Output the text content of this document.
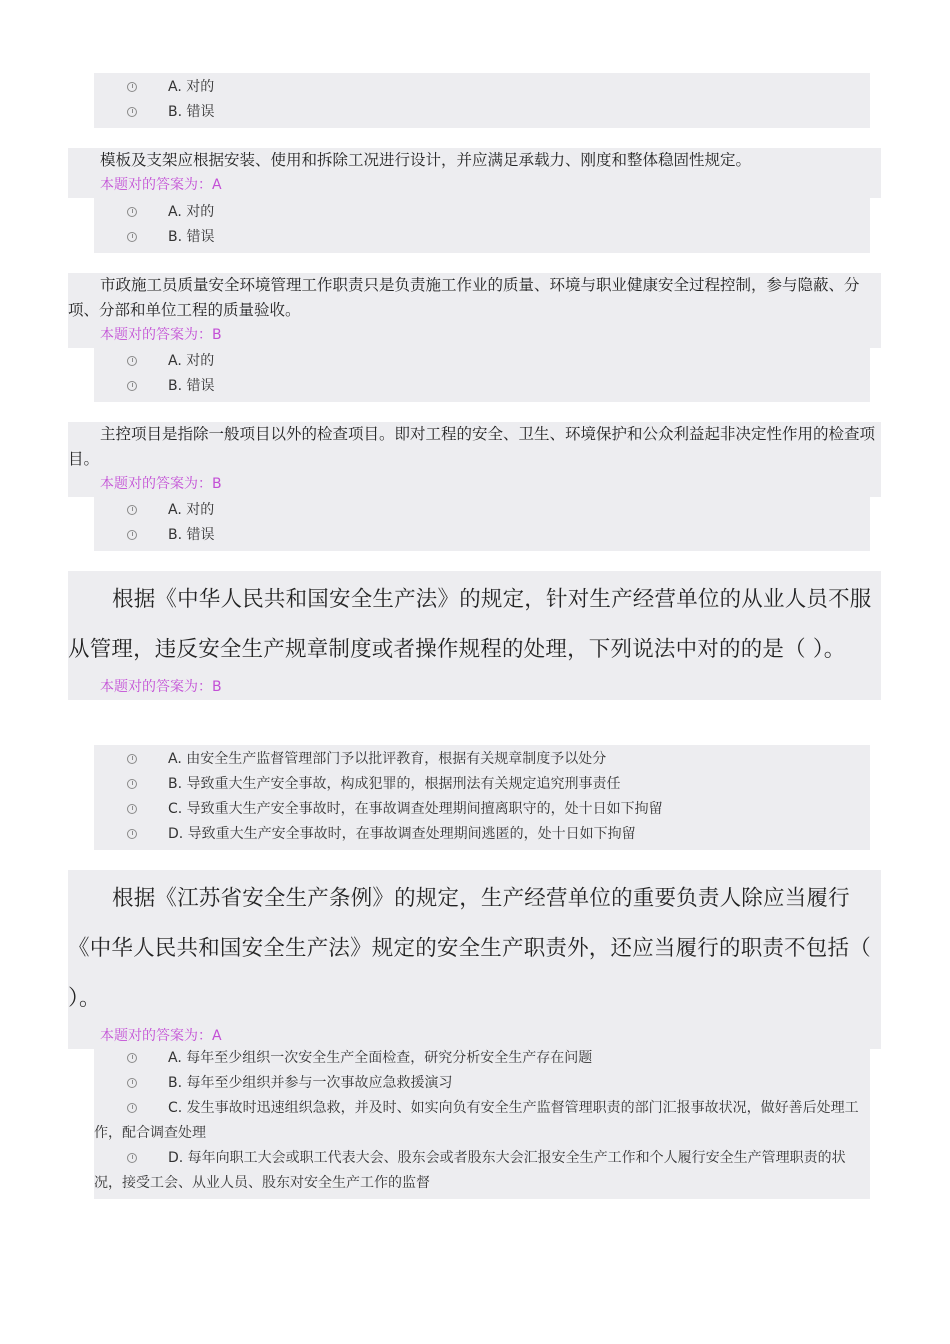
A. 对的
B. 错误
模板及支架应根据安装、使用和拆除工况进行设计，并应满足承载力、刚度和整体稳固性规定。
本题对的答案为：A
A. 对的
B. 错误
市政施工员质量安全环境管理工作职责只是负责施工作业的质量、环境与职业健康安全过程控制，参与隐蔽、分项、分部和单位工程的质量验收。
本题对的答案为：B
A. 对的
B. 错误
主控项目是指除一般项目以外的检查项目。即对工程的安全、卫生、环境保护和公众利益起非决定性作用的检查项目。
本题对的答案为：B
A. 对的
B. 错误
根据《中华人民共和国安全生产法》的规定，针对生产经营单位的从业人员不服从管理，违反安全生产规章制度或者操作规程的处理，下列说法中对的的是（ ）。
本题对的答案为：B
A. 由安全生产监督管理部门予以批评教育，根据有关规章制度予以处分
B. 导致重大生产安全事故，构成犯罪的，根据刑法有关规定追究刑事责任
C. 导致重大生产安全事故时，在事故调查处理期间擅离职守的，处十日如下拘留
D. 导致重大生产安全事故时，在事故调查处理期间逃匿的，处十日如下拘留
根据《江苏省安全生产条例》的规定，生产经营单位的重要负责人除应当履行《中华人民共和国安全生产法》规定的安全生产职责外，还应当履行的职责不包括（ ）。
本题对的答案为：A
A. 每年至少组织一次安全生产全面检查，研究分析安全生产存在问题
B. 每年至少组织并参与一次事故应急救援演习
C. 发生事故时迅速组织急救，并及时、如实向负有安全生产监督管理职责的部门汇报事故状况，做好善后处理工作，配合调查处理
D. 每年向职工大会或职工代表大会、股东会或者股东大会汇报安全生产工作和个人履行安全生产管理职责的状况，接受工会、从业人员、股东对安全生产工作的监督
